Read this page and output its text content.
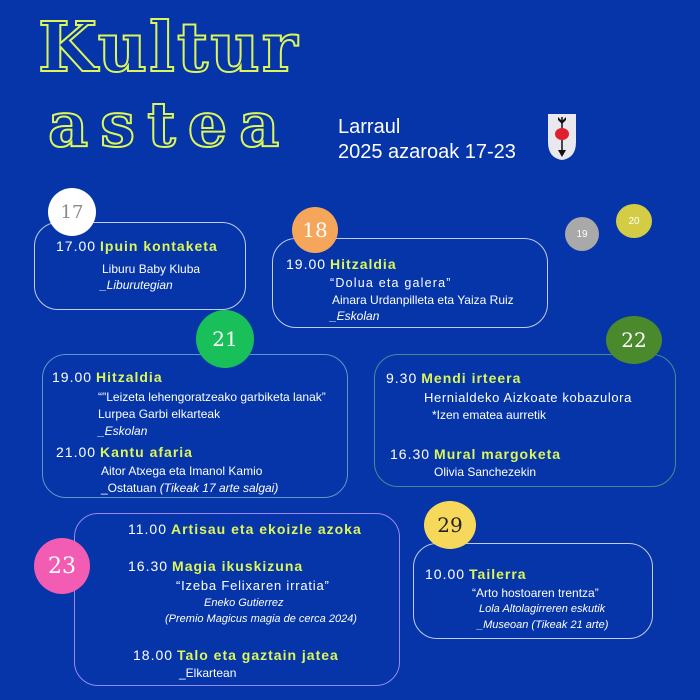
Kultur
astea Larraul
2025 azaroak 17-23
17
17.00 Ipuin kontaketa
Liburu Baby Kluba
_Liburutegian
18
19.00 Hitzaldia
“Dolua eta galera”
Ainara Urdanpilleta eta Yaiza Ruiz
_Eskolan
19
20
21
19.00 Hitzaldia
“"Leizeta lehengoratzeako garbiketa lanak”
Lurpea Garbi elkarteak
_Eskolan
21.00 Kantu afaria
Aitor Atxega eta Imanol Kamio
_Ostatuan (Tikeak 17 arte salgai)
22
9.30 Mendi irteera
Hernialdeko Aizkoate kobazulora
*Izen ematea aurretik
16.30 Mural margoketa
Olivia Sanchezekin
23
11.00 Artisau eta ekoizle azoka
16.30 Magia ikuskizuna
“Izeba Felixaren irratia”
Eneko Gutierrez
(Premio Magicus magia de cerca 2024)
18.00 Talo eta gaztain jatea
_Elkartean
29
10.00 Tailerra
“Arto hostoaren trentza”
Lola Altolagirreren eskutik
_Museoan (Tikeak 21 arte)
